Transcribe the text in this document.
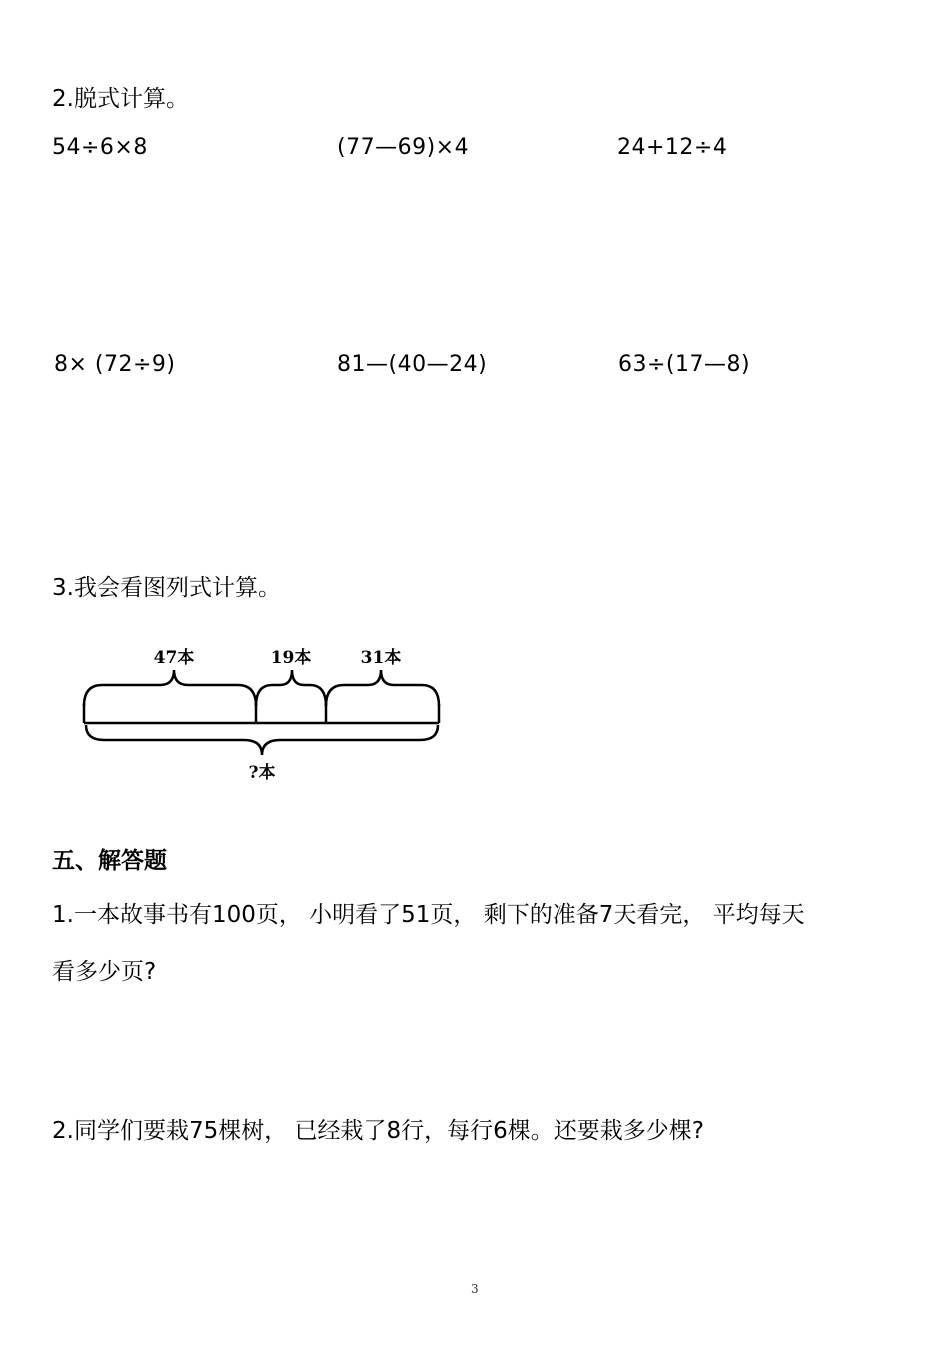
2.脱式计算。
54÷6×8	(77—69)×4	24+12÷4
8× (72÷9)	81—(40—24)	63÷(17—8)
3.我会看图列式计算。
47本	19本	31本
?本
五、解答题
1.一本故事书有100页， 小明看了51页， 剩下的准备7天看完， 平均每天
看多少页?
2.同学们要栽75棵树， 已经栽了8行，每行6棵。还要栽多少棵?
3
